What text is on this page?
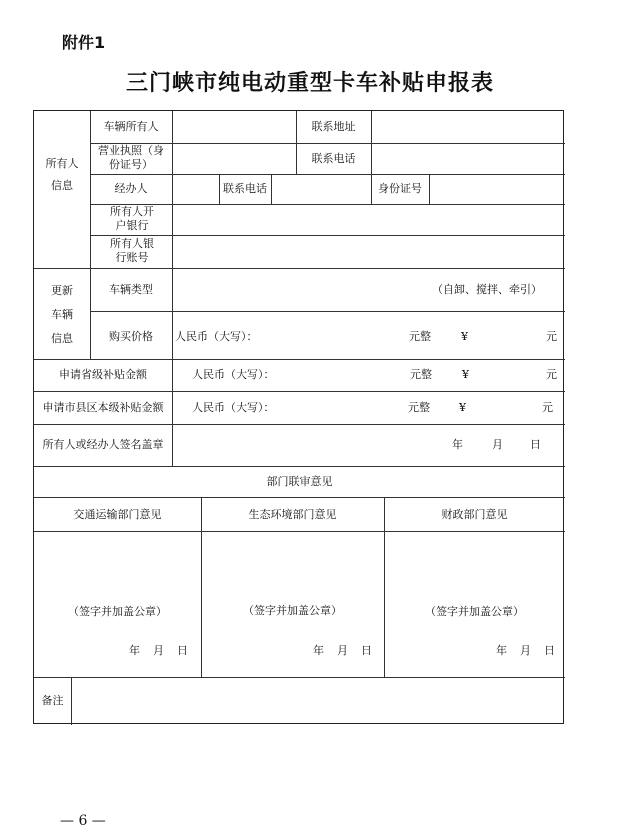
附件1
三门峡市纯电动重型卡车补贴申报表
所有人信息
车辆所有人	联系地址
营业执照（身份证号）	联系电话
经办人	联系电话	身份证号
所有人开户银行
所有人银行账号
更新车辆信息
车辆类型	（自卸、搅拌、牵引）
购买价格	人民币（大写）：	元整	¥	元
申请省级补贴金额	人民币（大写）：	元整	¥	元
申请市县区本级补贴金额	人民币（大写）：	元整	¥	元
所有人或经办人签名盖章	年	月 日
部门联审意见
交通运输部门意见	生态环境部门意见	财政部门意见
（签字并加盖公章）	（签字并加盖公章）	（签字并加盖公章）
年 月 日	年 月 日	年 月 日
备注
— 6 —
